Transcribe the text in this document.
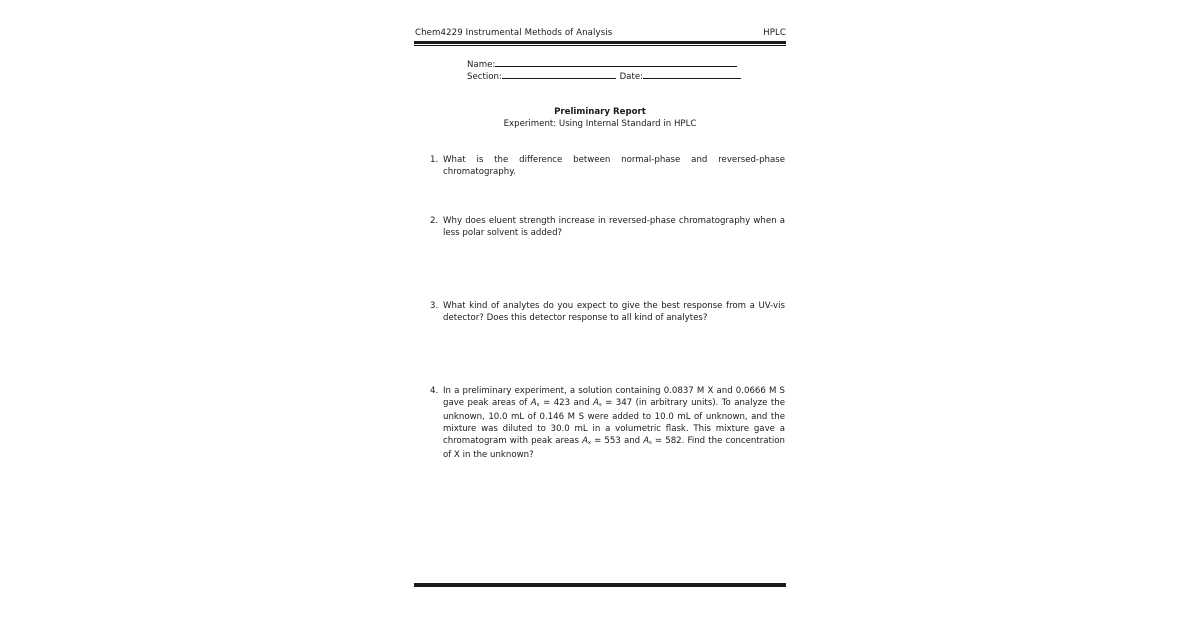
Chem4229 Instrumental Methods of Analysis	HPLC
Name:
Section:	Date:
Preliminary Report
Experiment: Using Internal Standard in HPLC
1. What is the difference between normal-phase and reversed-phase chromatography.
2. Why does eluent strength increase in reversed-phase chromatography when a less polar solvent is added?
3. What kind of analytes do you expect to give the best response from a UV-vis detector? Does this detector response to all kind of analytes?
4. In a preliminary experiment, a solution containing 0.0837 M X and 0.0666 M S gave peak areas of $A_x = 423$ and $A_s = 347$ (in arbitrary units). To analyze the unknown, 10.0 mL of 0.146 M S were added to 10.0 mL of unknown, and the mixture was diluted to 30.0 mL in a volumetric flask. This mixture gave a chromatogram with peak areas $A_x = 553$ and $A_s = 582$. Find the concentration of X in the unknown?
